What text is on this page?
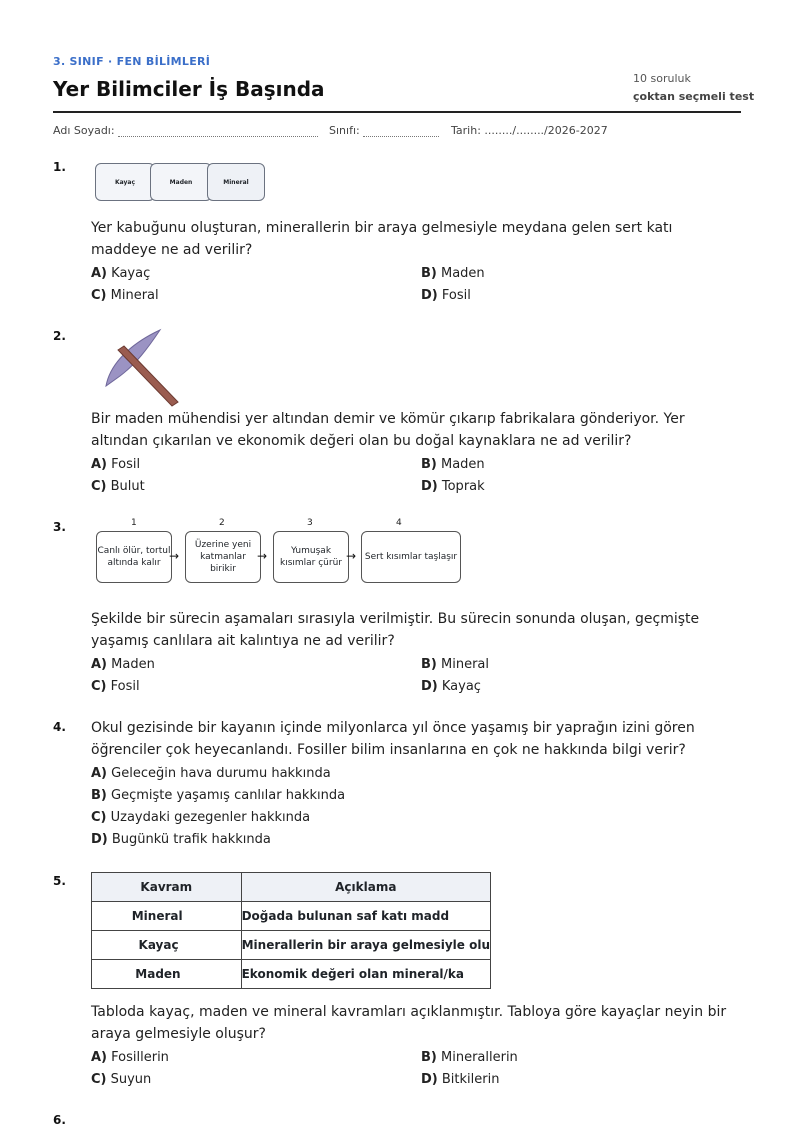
3. SINIF · FEN BİLİMLERİ
Yer Bilimciler İş Başında	10 soruluk
çoktan seçmeli test
Adı Soyadı:	Sınıfı:	Tarih: ......../......../2026-2027
1.
Kayaç	Maden	Mineral
Yer kabuğunu oluşturan, minerallerin bir araya gelmesiyle meydana gelen sert katı maddeye ne ad verilir?
A) Kayaç	B) Maden
C) Mineral	D) Fosil
2.
Bir maden mühendisi yer altından demir ve kömür çıkarıp fabrikalara gönderiyor. Yer altından çıkarılan ve ekonomik değeri olan bu doğal kaynaklara ne ad verilir?
A) Fosil	B) Maden
C) Bulut	D) Toprak
3.	1	2	3	4
Canlı ölür, tortul altında kalır →
Üzerine yeni katmanlar birikir
→	Yumuşak kısımlar çürür → Sert kısımlar taşlaşır
Şekilde bir sürecin aşamaları sırasıyla verilmiştir. Bu sürecin sonunda oluşan, geçmişte yaşamış canlılara ait kalıntıya ne ad verilir?
A) Maden	B) Mineral
C) Fosil	D) Kayaç
4. Okul gezisinde bir kayanın içinde milyonlarca yıl önce yaşamış bir yaprağın izini gören öğrenciler çok heyecanlandı. Fosiller bilim insanlarına en çok ne hakkında bilgi verir?
A) Geleceğin hava durumu hakkında
B) Geçmişte yaşamış canlılar hakkında
C) Uzaydaki gezegenler hakkında
D) Bugünkü trafik hakkında
5.	Kavram	Açıklama
Mineral	Doğada bulunan saf katı madd
Kayaç	Minerallerin bir araya gelmesiyle olu
Maden	Ekonomik değeri olan mineral/ka
Tabloda kayaç, maden ve mineral kavramları açıklanmıştır. Tabloya göre kayaçlar neyin bir araya gelmesiyle oluşur?
A) Fosillerin	B) Minerallerin
C) Suyun	D) Bitkilerin
6.
